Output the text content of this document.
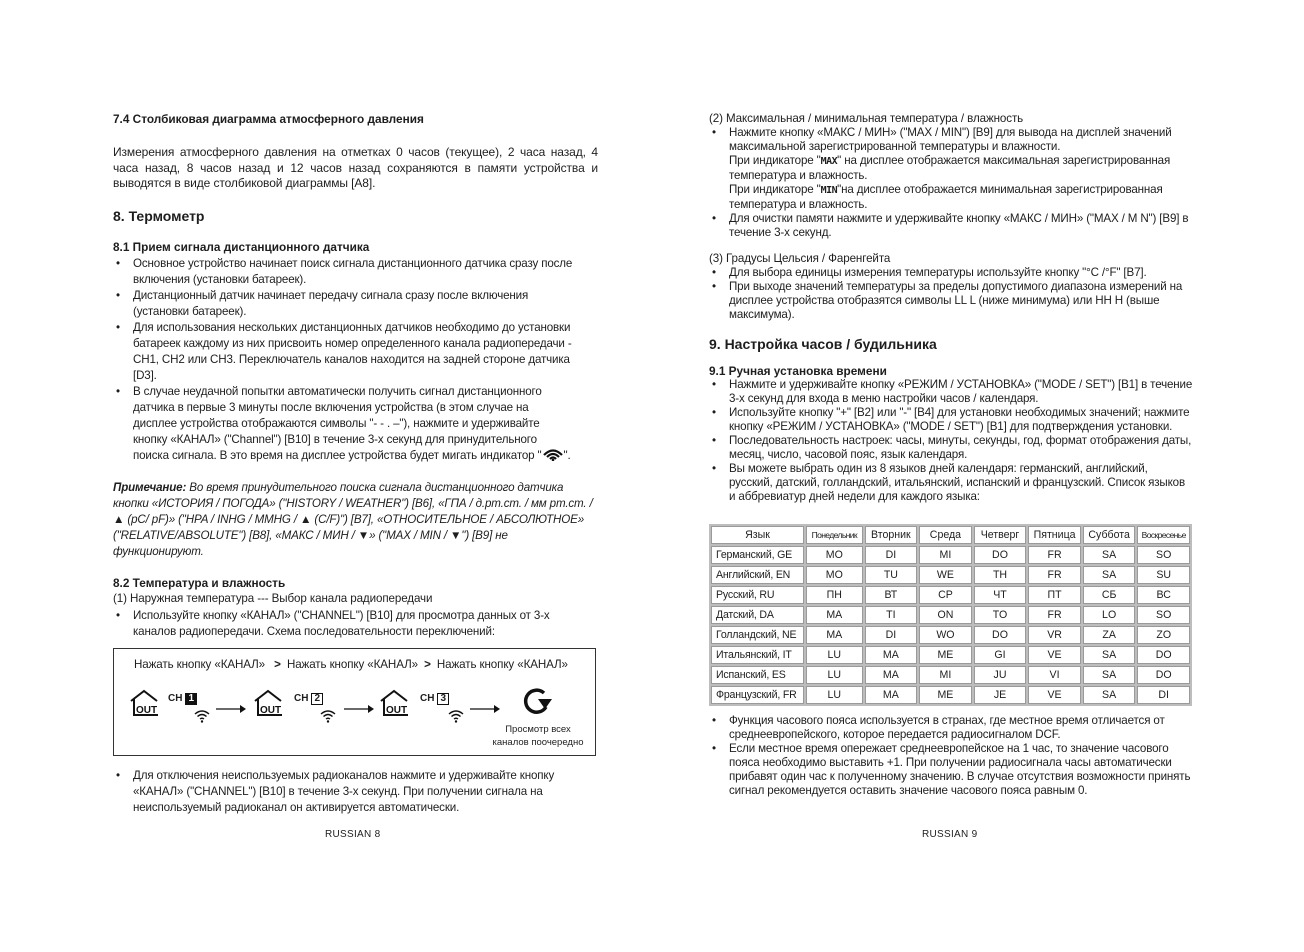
7.4 Столбиковая диаграмма атмосферного давления
Измерения атмосферного давления на отметках 0 часов (текущее), 2 часа назад, 4 часа назад, 8 часов назад и 12 часов назад сохраняются в памяти устройства и выводятся в виде столбиковой диаграммы [A8].
8. Термометр
8.1 Прием сигнала дистанционного датчика
• Основное устройство начинает поиск сигнала дистанционного датчика сразу после включения (установки батареек).
• Дистанционный датчик начинает передачу сигнала сразу после включения (установки батареек).
• Для использования нескольких дистанционных датчиков необходимо до установки батареек каждому из них присвоить номер определенного канала радиопередачи - CH1, CH2 или CH3. Переключатель каналов находится на задней стороне датчика [D3].
• В случае неудачной попытки автоматически получить сигнал дистанционного датчика в первые 3 минуты после включения устройства (в этом случае на дисплее устройства отображаются символы "- - . –"), нажмите и удерживайте кнопку «КАНАЛ» ("Channel") [B10] в течение 3-х секунд для принудительного поиска сигнала. В это время на дисплее устройства будет мигать индикатор " ".
Примечание: Во время принудительного поиска сигнала дистанционного датчика кнопки «ИСТОРИЯ / ПОГОДА» ("HISTORY / WEATHER") [B6], «ГПА / д.рт.ст. / мм рт.ст. / ▲ (рС/ рF)» ("HPA / INHG / MMHG / ▲ (C/F)") [B7], «ОТНОСИТЕЛЬНОЕ / АБСОЛЮТНОЕ» ("RELATIVE/ABSOLUTE") [B8], «МАКС / МИН / ▼» ("MAX / MIN / ▼") [B9] не функционируют.
8.2 Температура и влажность
(1) Наружная температура --- Выбор канала радиопередачи
• Используйте кнопку «КАНАЛ» ("CHANNEL") [B10] для просмотра данных от 3-х каналов радиопередачи. Схема последовательности переключений:
Нажать кнопку «КАНАЛ» > Нажать кнопку «КАНАЛ» > Нажать кнопку «КАНАЛ»
OUT
CH 1
OUT
CH 2
OUT
CH 3
Просмотр всех
каналов поочередно
• Для отключения неиспользуемых радиоканалов нажмите и удерживайте кнопку «КАНАЛ» ("CHANNEL") [B10] в течение 3-х секунд. При получении сигнала на неиспользуемый радиоканал он активируется автоматически.
RUSSIAN 8
(2) Максимальная / минимальная температура / влажность
• Нажмите кнопку «МАКС / МИН» ("MAX / MIN") [B9] для вывода на дисплей значений максимальной зарегистрированной температуры и влажности.
При индикаторе "MAX" на дисплее отображается максимальная зарегистрированная температура и влажность.
При индикаторе "MIN"на дисплее отображается минимальная зарегистрированная температура и влажность.
• Для очистки памяти нажмите и удерживайте кнопку «МАКС / МИН» ("MAX / M N") [B9] в течение 3-х секунд.
(3) Градусы Цельсия / Фаренгейта
• Для выбора единицы измерения температуры используйте кнопку "°C /°F" [B7].
• При выходе значений температуры за пределы допустимого диапазона измерений на дисплее устройства отобразятся символы LL L (ниже минимума) или HH H (выше максимума).
9. Настройка часов / будильника
9.1 Ручная установка времени
• Нажмите и удерживайте кнопку «РЕЖИМ / УСТАНОВКА» ("MODE / SET") [B1] в течение 3-х секунд для входа в меню настройки часов / календаря.
• Используйте кнопку "+" [B2] или "-" [B4] для установки необходимых значений; нажмите кнопку «РЕЖИМ / УСТАНОВКА» ("MODE / SET") [B1] для подтверждения установки.
• Последовательность настроек: часы, минуты, секунды, год, формат отображения даты, месяц, число, часовой пояс, язык календаря.
• Вы можете выбрать один из 8 языков дней календаря: германский, английский, русский, датский, голландский, итальянский, испанский и французский. Список языков и аббревиатур дней недели для каждого языка:
Язык	Понедельник	Вторник	Среда	Четверг	Пятница	Суббота	Воскресенье
Германский, GE	MO	DI	MI	DO	FR	SA	SO
Английский, EN	MO	TU	WE	TH	FR	SA	SU
Русский, RU	ПН	ВТ	СР	ЧТ	ПТ	СБ	ВС
Датский, DA	MA	TI	ON	TO	FR	LO	SO
Голландский, NE	MA	DI	WO	DO	VR	ZA	ZO
Итальянский, IT	LU	MA	ME	GI	VE	SA	DO
Испанский, ES	LU	MA	MI	JU	VI	SA	DO
Французский, FR	LU	MA	ME	JE	VE	SA	DI
• Функция часового пояса используется в странах, где местное время отличается от среднеевропейского, которое передается радиосигналом DCF.
• Если местное время опережает среднеевропейское на 1 час, то значение часового пояса необходимо выставить +1. При получении радиосигнала часы автоматически прибавят один час к полученному значению. В случае отсутствия возможности принять сигнал рекомендуется оставить значение часового пояса равным 0.
RUSSIAN 9
